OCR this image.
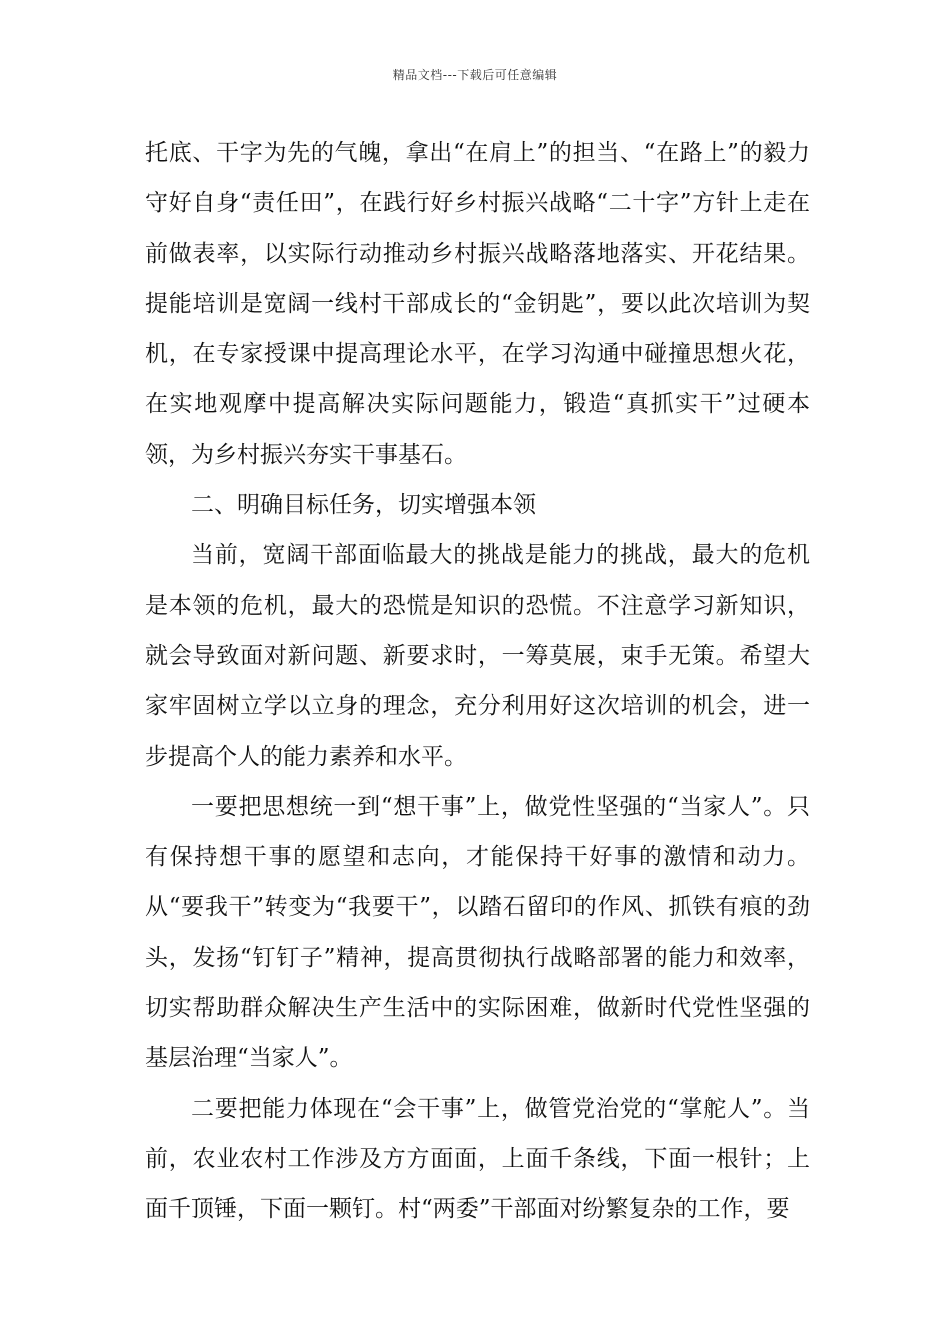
精品文档---下载后可任意编辑

托底、干字为先的气魄，拿出“在肩上”的担当、“在路上”的毅力守好自身“责任田”，在践行好乡村振兴战略“二十字”方针上走在前做表率，以实际行动推动乡村振兴战略落地落实、开花结果。提能培训是宽阔一线村干部成长的“金钥匙”，要以此次培训为契机，在专家授课中提高理论水平，在学习沟通中碰撞思想火花，在实地观摩中提高解决实际问题能力，锻造“真抓实干”过硬本领，为乡村振兴夯实干事基石。

二、明确目标任务，切实增强本领

当前，宽阔干部面临最大的挑战是能力的挑战，最大的危机是本领的危机，最大的恐慌是知识的恐慌。不注意学习新知识，就会导致面对新问题、新要求时，一筹莫展，束手无策。希望大家牢固树立学以立身的理念，充分利用好这次培训的机会，进一步提高个人的能力素养和水平。

一要把思想统一到“想干事”上，做党性坚强的“当家人”。只有保持想干事的愿望和志向，才能保持干好事的激情和动力。从“要我干”转变为“我要干”，以踏石留印的作风、抓铁有痕的劲头，发扬“钉钉子”精神，提高贯彻执行战略部署的能力和效率，切实帮助群众解决生产生活中的实际困难，做新时代党性坚强的基层治理“当家人”。

二要把能力体现在“会干事”上，做管党治党的“掌舵人”。当前，农业农村工作涉及方方面面，上面千条线，下面一根针；上面千顶锤，下面一颗钉。村“两委”干部面对纷繁复杂的工作，要
